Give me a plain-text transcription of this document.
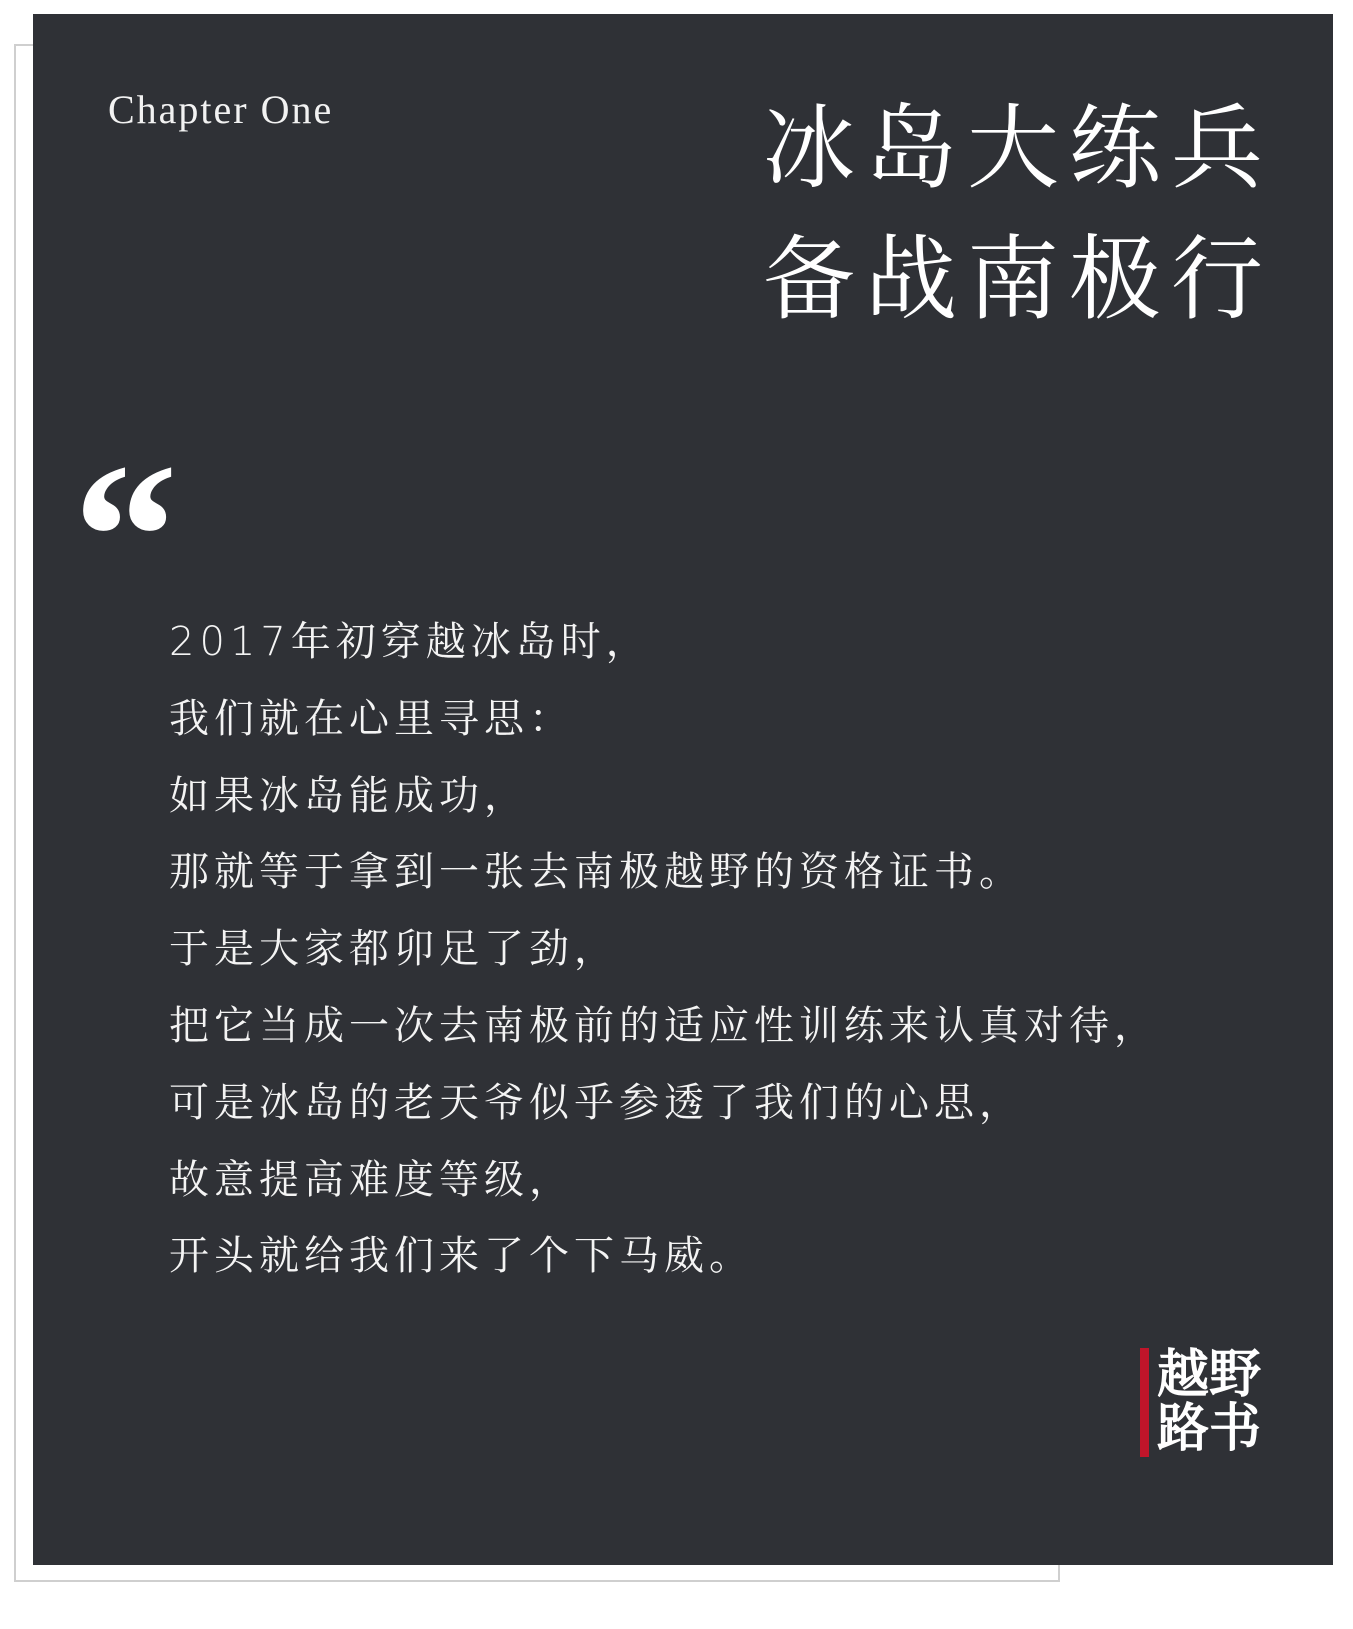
Chapter One	冰岛大练兵
备战南极行
“
2017年初穿越冰岛时，
我们就在心里寻思：
如果冰岛能成功，
那就等于拿到一张去南极越野的资格证书。
于是大家都卯足了劲，
把它当成一次去南极前的适应性训练来认真对待，
可是冰岛的老天爷似乎参透了我们的心思，
故意提高难度等级，
开头就给我们来了个下马威。
越野
路书
